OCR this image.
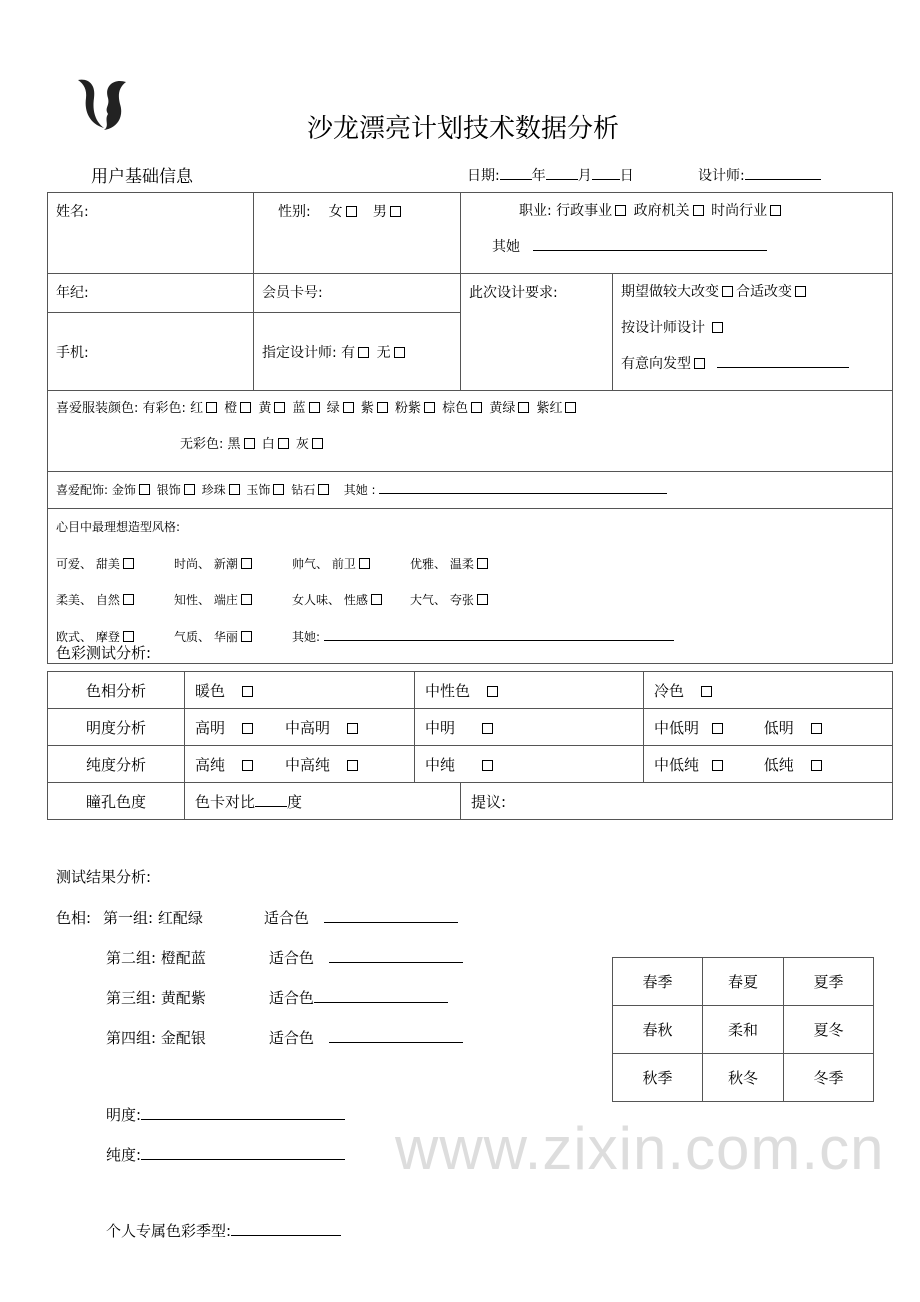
沙龙漂亮计划技术数据分析
www.zixin.com.cn
用户基础信息	日期: 年 月 日	设计师:
姓名:	性别: 女 男	职业: 行政事业 政府机关 时尚行业
其她	
年纪:	会员卡号:	此次设计要求:	期望做较大改变 合适改变
按设计师设计
有意向发型
手机:	指定设计师: 有 无		
喜爱服装颜色: 有彩色: 红 橙 黄 蓝 绿 紫 粉紫 棕色 黄绿 紫红
无彩色: 黑 白 灰			
喜爱配饰: 金饰 银饰 珍珠 玉饰 钻石 其她 :			
心目中最理想造型风格:

可爱、 甜美 时尚、 新潮 帅气、 前卫 优雅、 温柔
柔美、 自然 知性、 端庄 女人味、 性感 大气、 夸张
欧式、 摩登 气质、 华丽 其她:			
色彩测试分析:
色相分析	暖色	中性色		冷色
明度分析	高明 中高明	中明		中低明 低明
纯度分析	高纯 中高纯	中纯		中低纯 低纯
瞳孔色度	色卡对比 度		提议:	
测试结果分析:
色相: 第一组: 红配绿	适合色
第二组: 橙配蓝	适合色
第三组: 黄配紫	适合色
第四组: 金配银	适合色
明度:
纯度:
个人专属色彩季型:
春季	春夏	夏季
春秋	柔和	夏冬
秋季	秋冬	冬季
